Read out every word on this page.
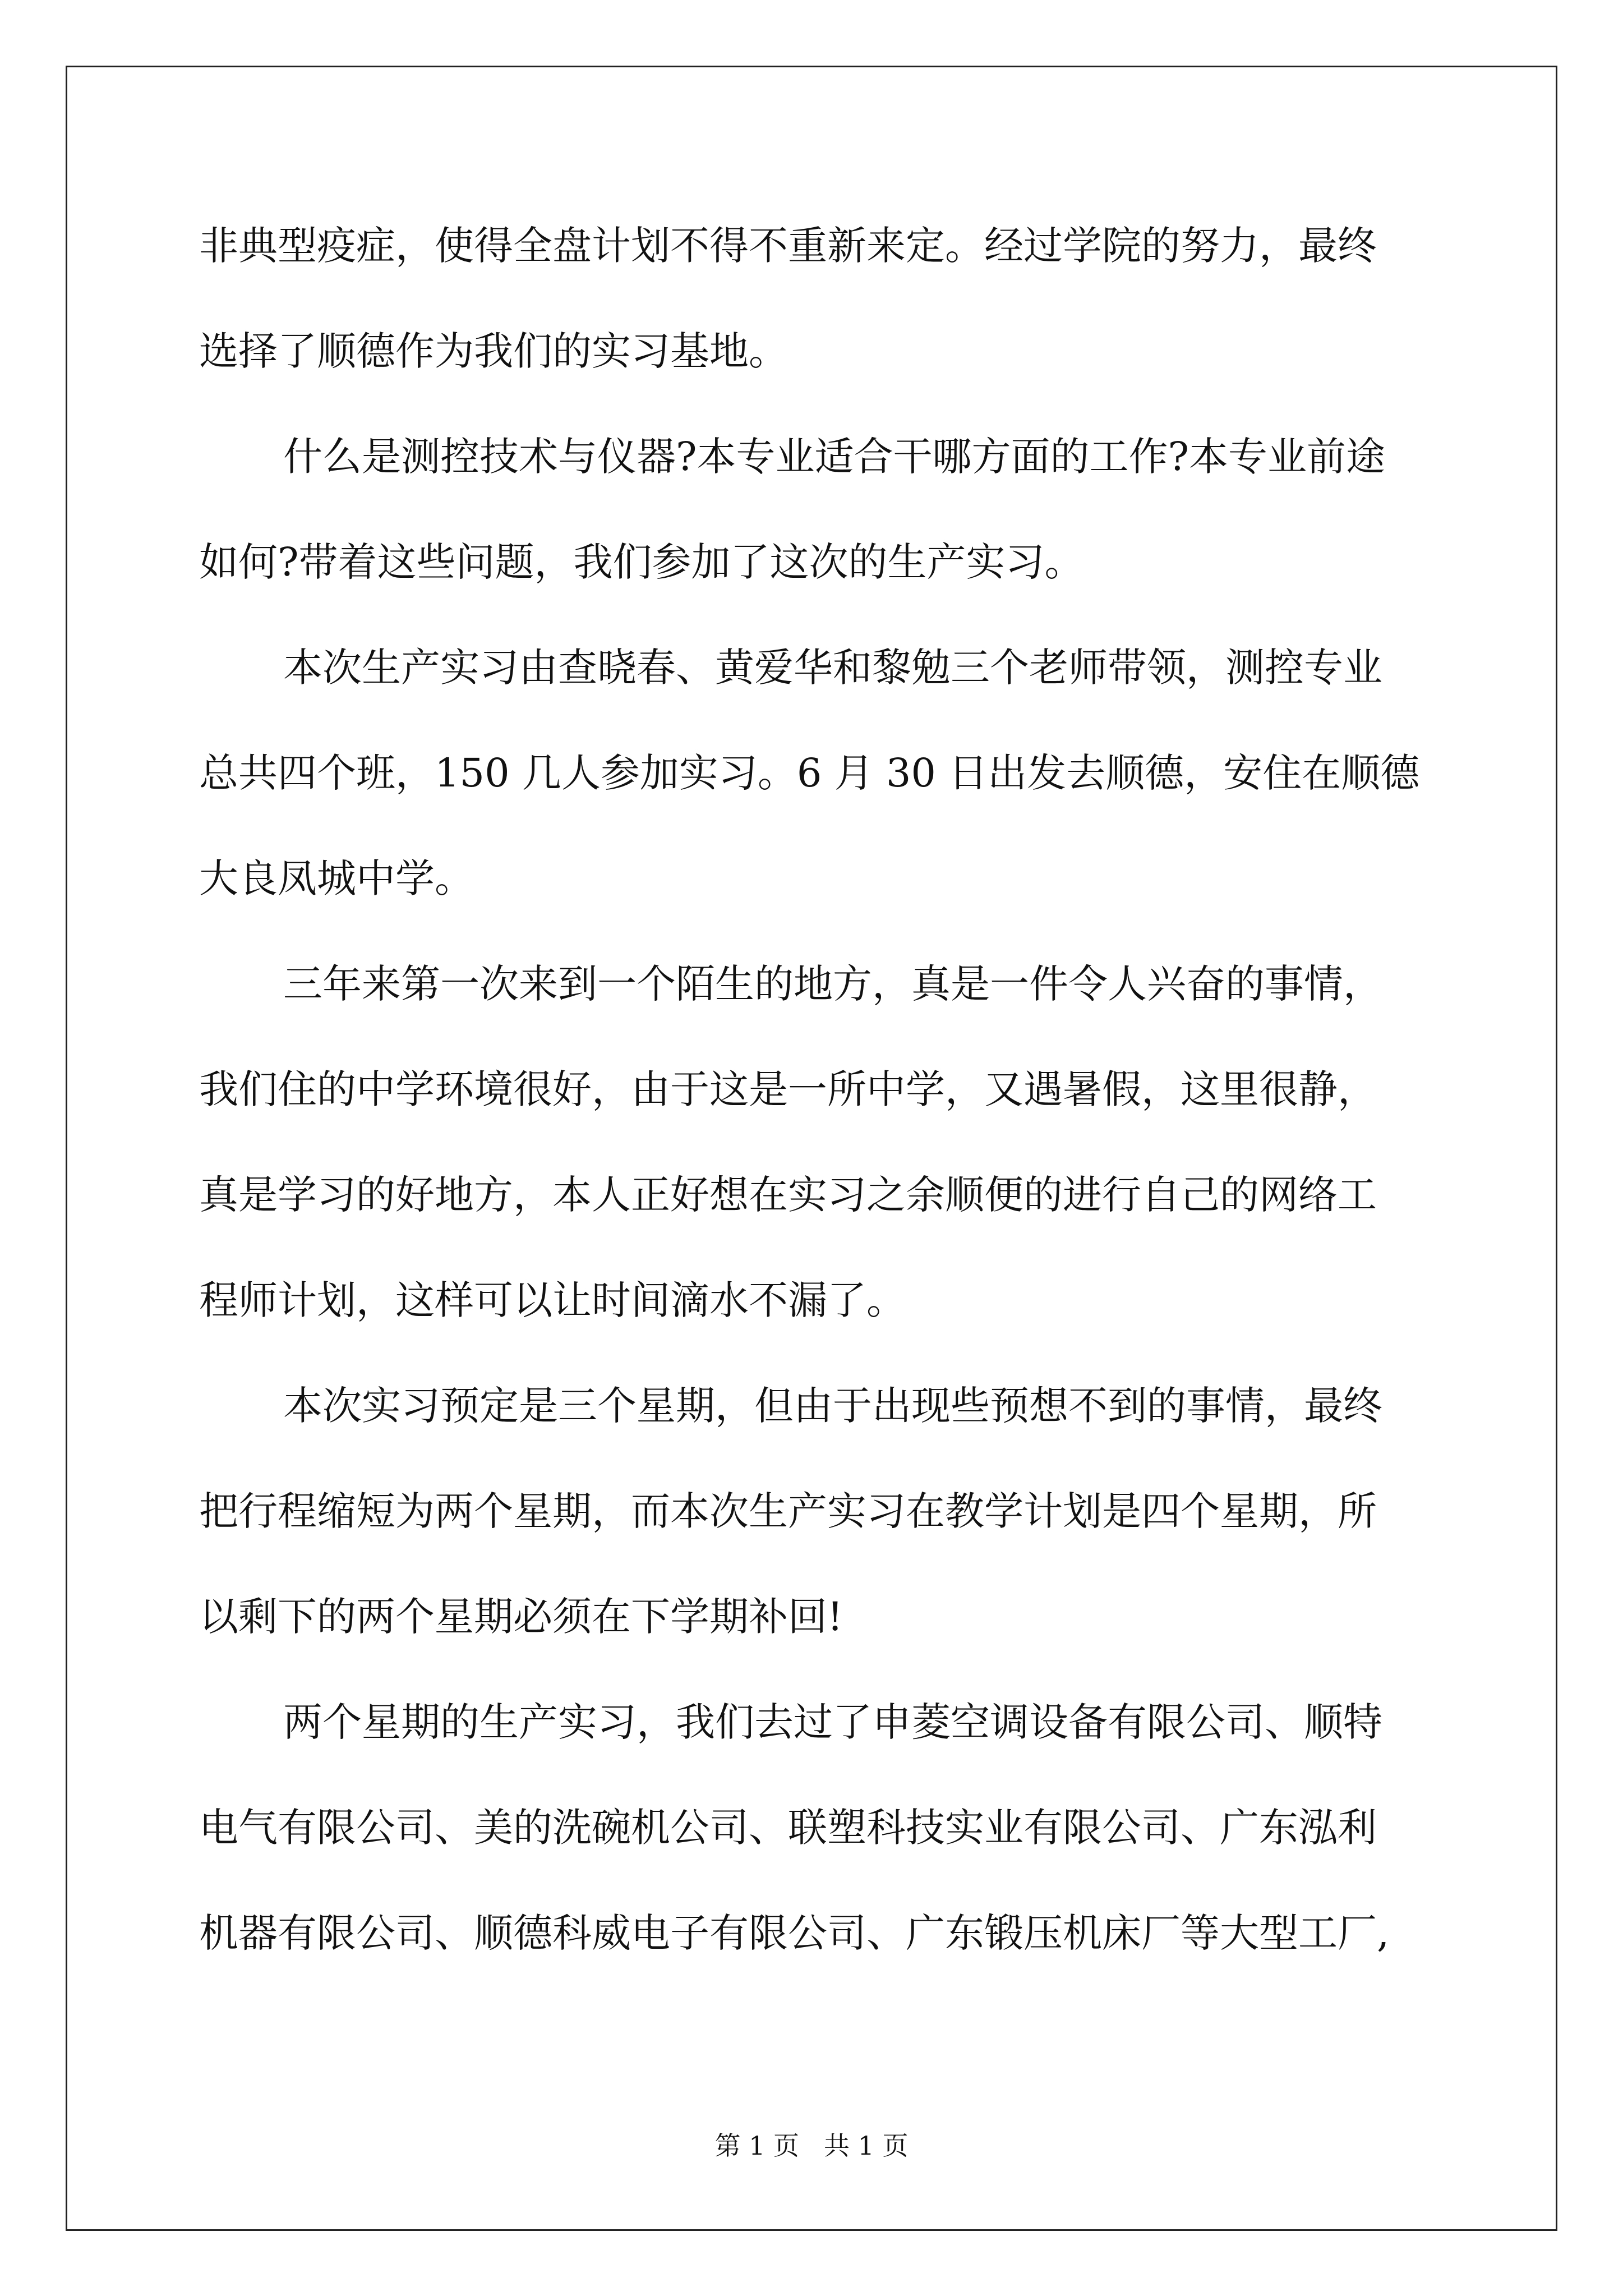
非典型疫症，使得全盘计划不得不重新来定。经过学院的努力，最终
选择了顺德作为我们的实习基地。
什么是测控技术与仪器?本专业适合干哪方面的工作?本专业前途
如何?带着这些问题，我们参加了这次的生产实习。
本次生产实习由查晓春、黄爱华和黎勉三个老师带领，测控专业
总共四个班，150 几人参加实习。6 月 30 日出发去顺德，安住在顺德
大良凤城中学。
三年来第一次来到一个陌生的地方，真是一件令人兴奋的事情，
我们住的中学环境很好，由于这是一所中学，又遇暑假，这里很静，
真是学习的好地方，本人正好想在实习之余顺便的进行自己的网络工
程师计划，这样可以让时间滴水不漏了。
本次实习预定是三个星期，但由于出现些预想不到的事情，最终
把行程缩短为两个星期，而本次生产实习在教学计划是四个星期，所
以剩下的两个星期必须在下学期补回!
两个星期的生产实习，我们去过了申菱空调设备有限公司、顺特
电气有限公司、美的洗碗机公司、联塑科技实业有限公司、广东泓利
机器有限公司、顺德科威电子有限公司、广东锻压机床厂等大型工厂,
第 1 页 共 1 页
